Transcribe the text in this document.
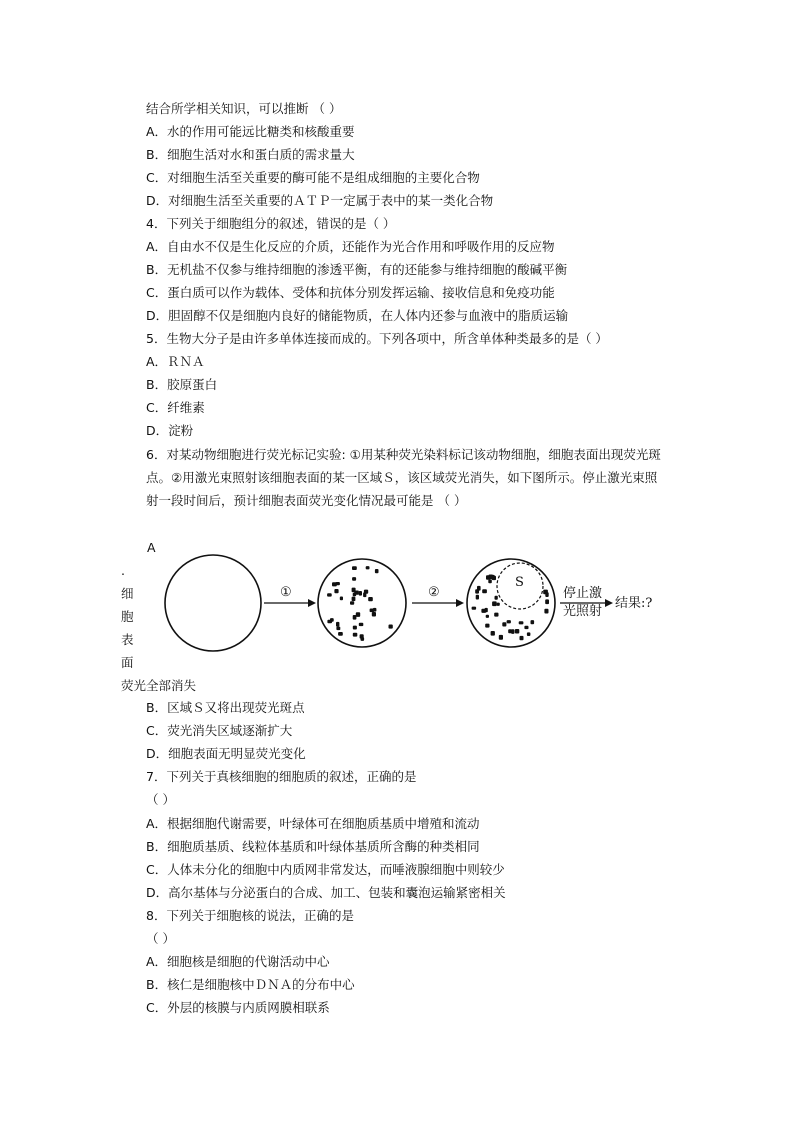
结合所学相关知识，可以推断 （ ）
A．水的作用可能远比糖类和核酸重要
B．细胞生活对水和蛋白质的需求量大
C．对细胞生活至关重要的酶可能不是组成细胞的主要化合物
D．对细胞生活至关重要的ＡＴＰ一定属于表中的某一类化合物
4．下列关于细胞组分的叙述，错误的是（ ）
A．自由水不仅是生化反应的介质，还能作为光合作用和呼吸作用的反应物
B．无机盐不仅参与维持细胞的渗透平衡，有的还能参与维持细胞的酸碱平衡
C．蛋白质可以作为载体、受体和抗体分别发挥运输、接收信息和免疫功能
D．胆固醇不仅是细胞内良好的储能物质，在人体内还参与血液中的脂质运输
5．生物大分子是由许多单体连接而成的。下列各项中，所含单体种类最多的是（ ）
A．ＲＮＡ
B．胶原蛋白
C．纤维素
D．淀粉
6．对某动物细胞进行荧光标记实验: ①用某种荧光染料标记该动物细胞，细胞表面出现荧光斑
点。②用激光束照射该细胞表面的某一区域Ｓ，该区域荧光消失，如下图所示。停止激光束照
射一段时间后，预计细胞表面荧光变化情况最可能是 （ ）
A
.
细
胞
表
面
荧光全部消失
①	②
S
停止激
光照射
结果:?
B．区域Ｓ又将出现荧光斑点
C．荧光消失区域逐渐扩大
D．细胞表面无明显荧光变化
7．下列关于真核细胞的细胞质的叙述，正确的是
（ ）
A．根据细胞代谢需要，叶绿体可在细胞质基质中增殖和流动
B．细胞质基质、线粒体基质和叶绿体基质所含酶的种类相同
C．人体未分化的细胞中内质网非常发达，而唾液腺细胞中则较少
D．高尔基体与分泌蛋白的合成、加工、包装和囊泡运输紧密相关
8．下列关于细胞核的说法，正确的是
（ ）
A．细胞核是细胞的代谢活动中心
B．核仁是细胞核中ＤＮＡ的分布中心
C．外层的核膜与内质网膜相联系
